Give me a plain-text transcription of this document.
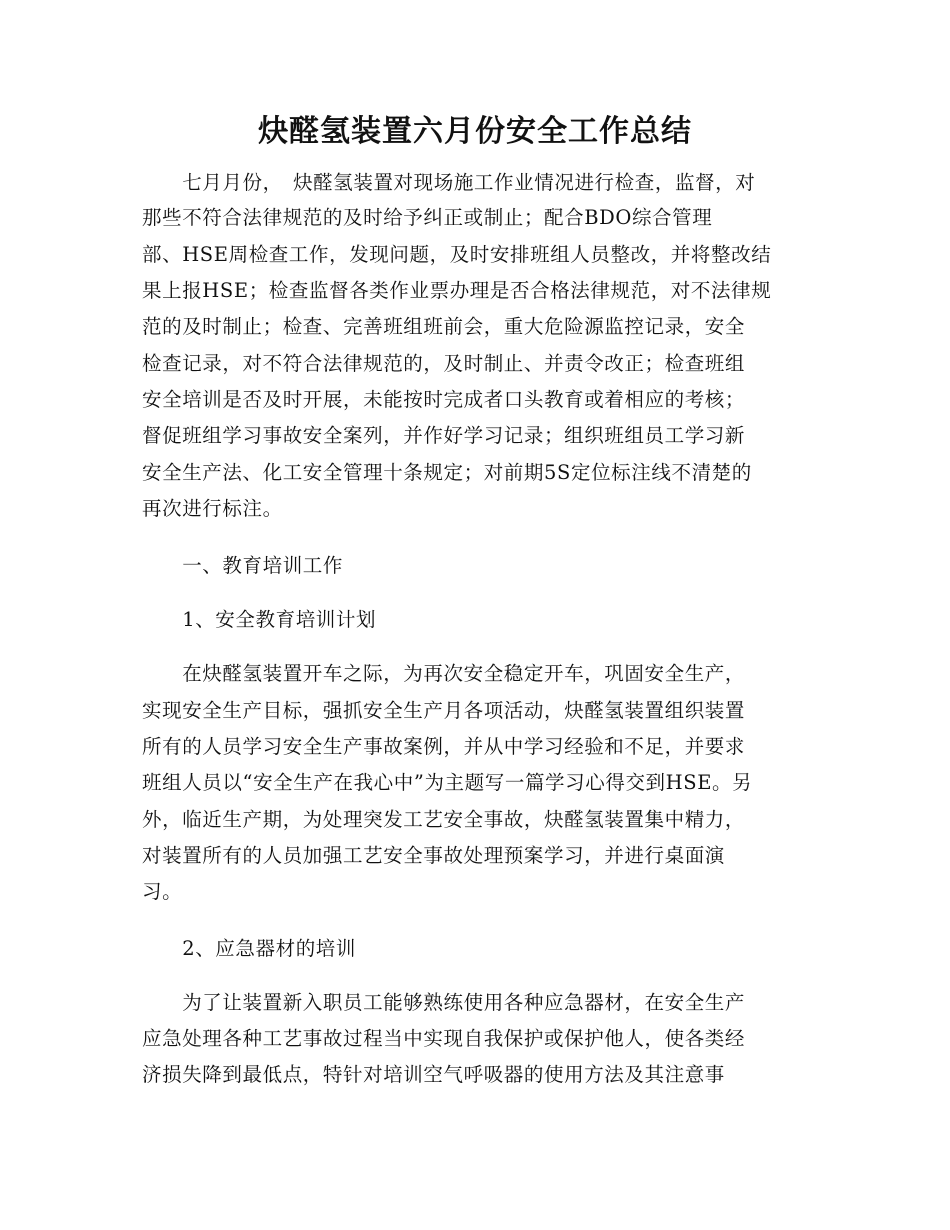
炔醛氢装置六月份安全工作总结
　　七月月份，　炔醛氢装置对现场施工作业情况进行检查，监督，对
那些不符合法律规范的及时给予纠正或制止；配合BDO综合管理
部、HSE周检查工作，发现问题，及时安排班组人员整改，并将整改结
果上报HSE；检查监督各类作业票办理是否合格法律规范，对不法律规
范的及时制止；检查、完善班组班前会，重大危险源监控记录，安全
检查记录，对不符合法律规范的，及时制止、并责令改正；检查班组
安全培训是否及时开展，未能按时完成者口头教育或着相应的考核；
督促班组学习事故安全案列，并作好学习记录；组织班组员工学习新
安全生产法、化工安全管理十条规定；对前期5S定位标注线不清楚的
再次进行标注。
　　一、教育培训工作
　　1、安全教育培训计划
　　在炔醛氢装置开车之际，为再次安全稳定开车，巩固安全生产，
实现安全生产目标，强抓安全生产月各项活动，炔醛氢装置组织装置
所有的人员学习安全生产事故案例，并从中学习经验和不足，并要求
班组人员以“安全生产在我心中”为主题写一篇学习心得交到HSE。另
外，临近生产期，为处理突发工艺安全事故，炔醛氢装置集中精力，
对装置所有的人员加强工艺安全事故处理预案学习，并进行桌面演
习。
　　2、应急器材的培训
　　为了让装置新入职员工能够熟练使用各种应急器材，在安全生产
应急处理各种工艺事故过程当中实现自我保护或保护他人，使各类经
济损失降到最低点，特针对培训空气呼吸器的使用方法及其注意事
